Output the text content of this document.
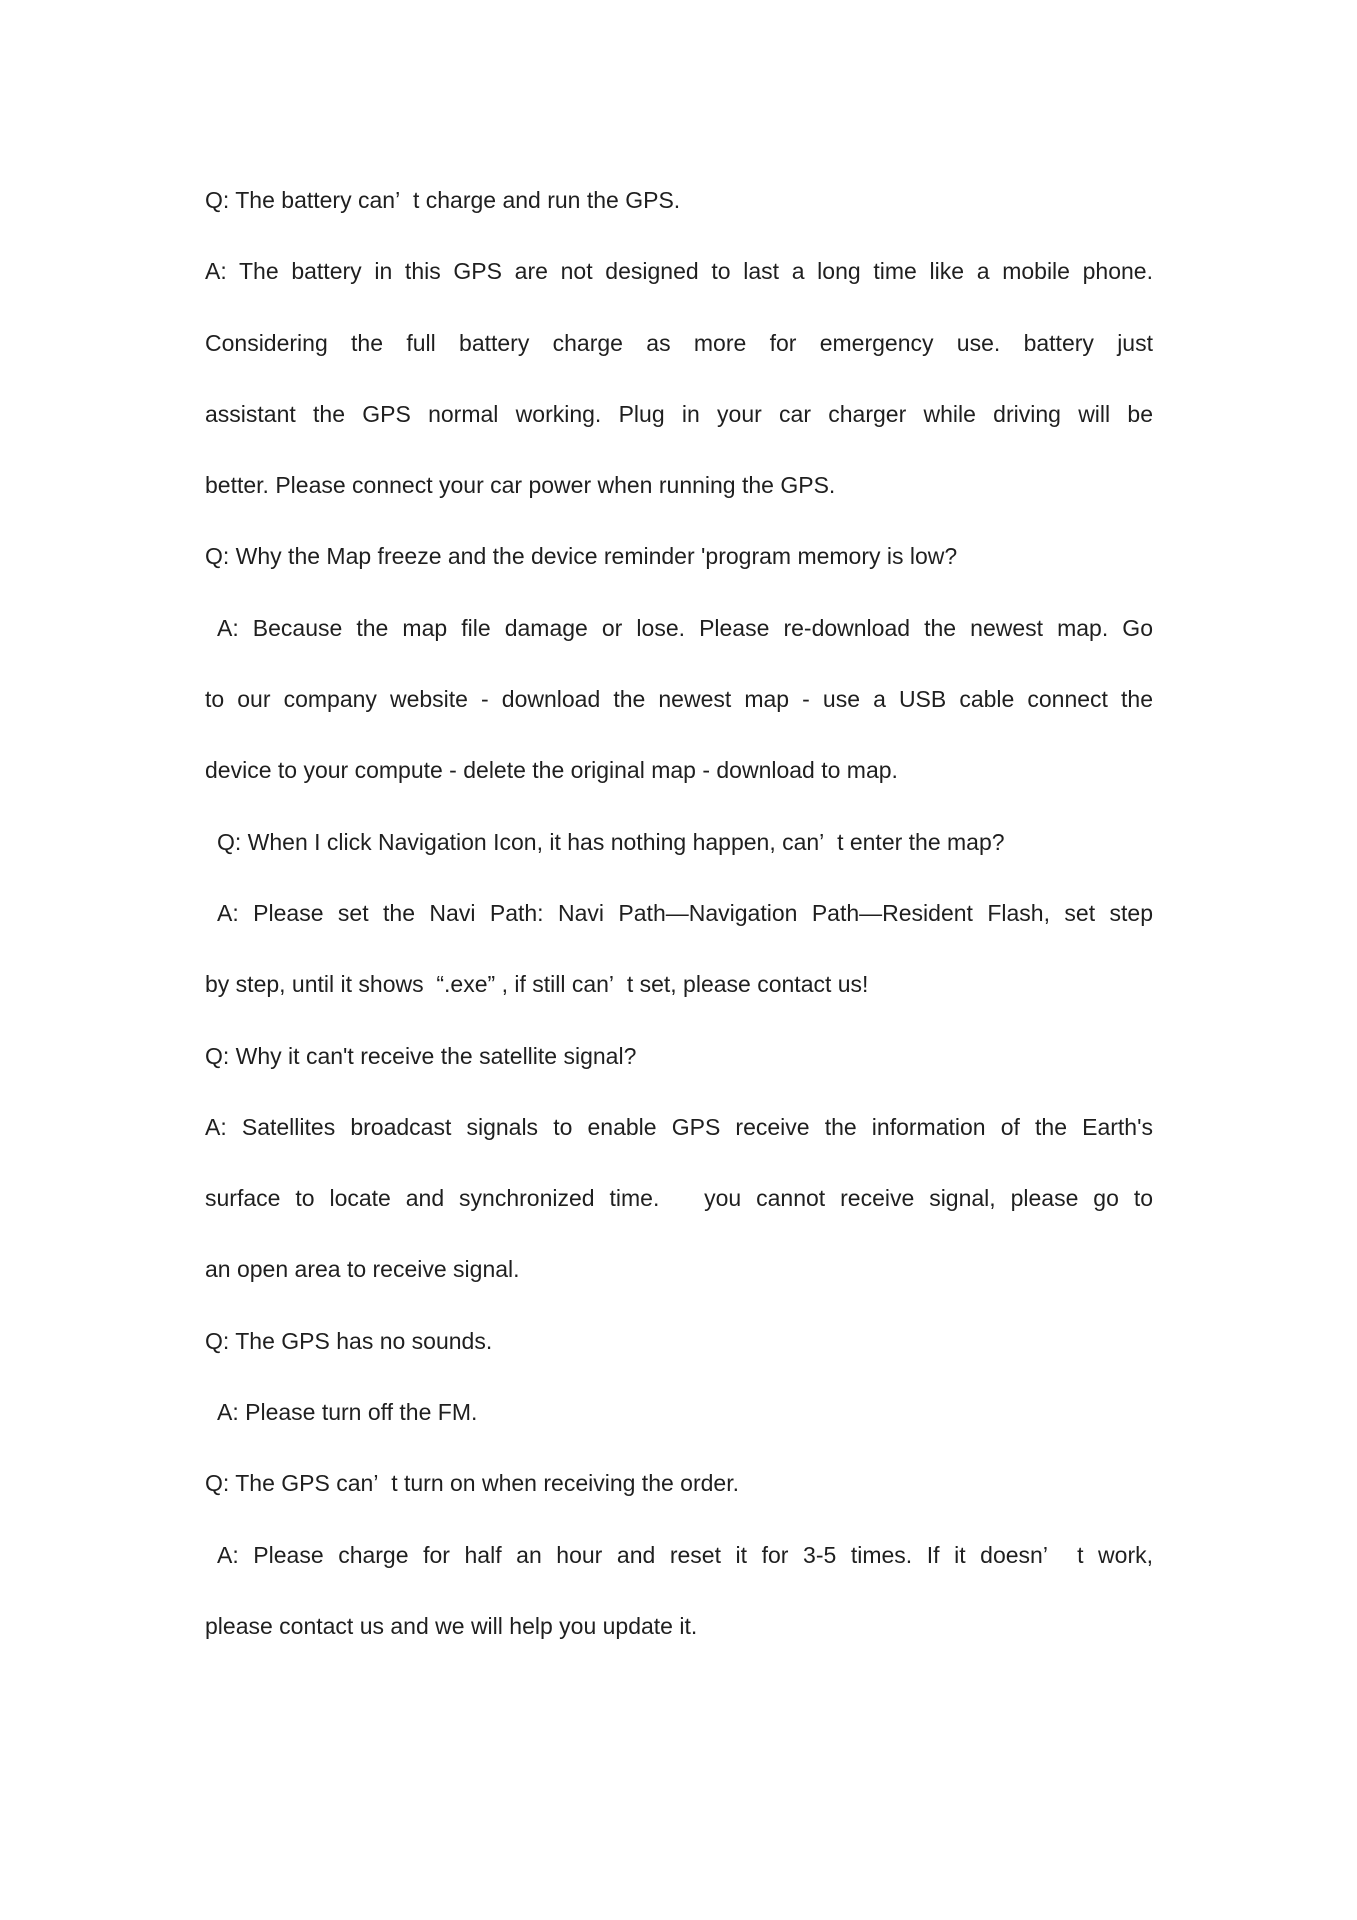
Q: The battery can’  t charge and run the GPS.
A: The battery in this GPS are not designed to last a long time like a mobile phone.
Considering the full battery charge as more for emergency use. battery just
assistant the GPS normal working. Plug in your car charger while driving will be
better. Please connect your car power when running the GPS.
Q: Why the Map freeze and the device reminder 'program memory is low?
A: Because the map file damage or lose. Please re-download the newest map. Go
to our company website - download the newest map - use a USB cable connect the
device to your compute - delete the original map - download to map.
Q: When I click Navigation Icon, it has nothing happen, can’  t enter the map?
A: Please set the Navi Path: Navi Path—Navigation Path—Resident Flash, set step
by step, until it shows  “.exe” , if still can’  t set, please contact us!
Q: Why it can't receive the satellite signal?
A: Satellites broadcast signals to enable GPS receive the information of the Earth's
surface to locate and synchronized time.   you cannot receive signal, please go to
an open area to receive signal.
Q: The GPS has no sounds.
A: Please turn off the FM.
Q: The GPS can’  t turn on when receiving the order.
A: Please charge for half an hour and reset it for 3-5 times. If it doesn’  t work,
please contact us and we will help you update it.
